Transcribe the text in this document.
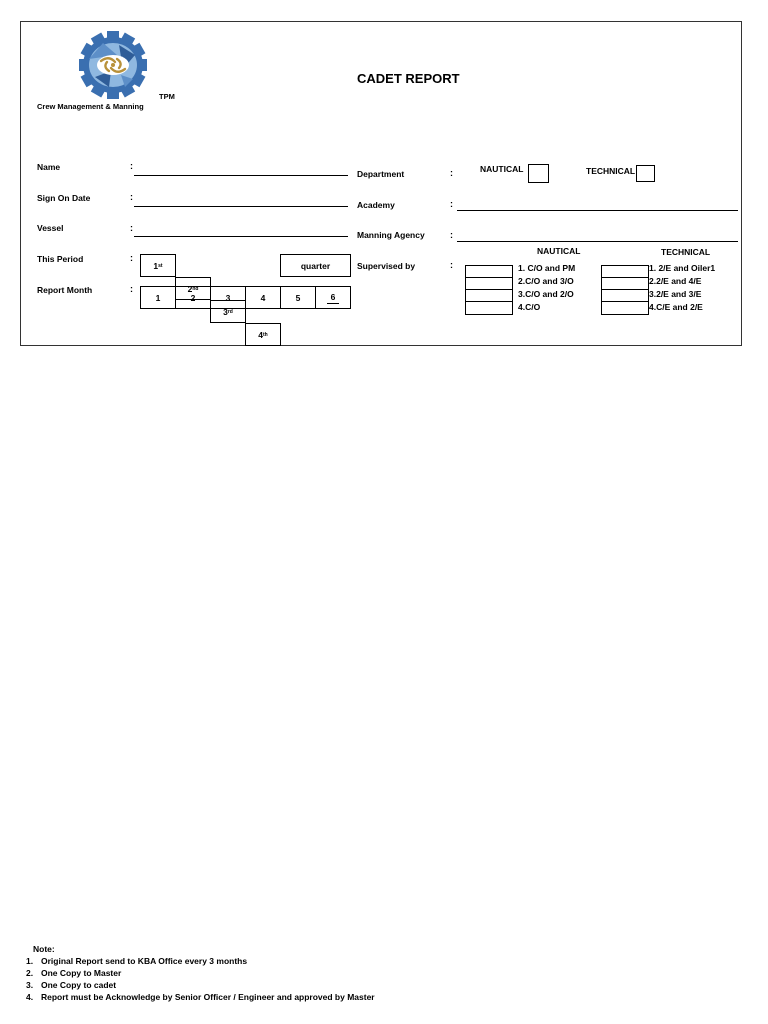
TPM
Crew Management & Manning
CADET REPORT
Name	:
Sign On Date	:
Vessel	:
This Period	:
1 st
2 nd
3 rd
4 th
quarter
Report Month	:
1	2	3	4	5	6
Department	:	NAUTICAL	TECHNICAL
Academy	:
Manning Agency	:
Supervised by	:
NAUTICAL	TECHNICAL
1. C/O and PM
2.C/O and 3/O
3.C/O and 2/O
4.C/O
1. 2/E and Oiler1
2.2/E and 4/E
3.2/E and 3/E
4.C/E and 2/E
Note:
1. Original Report send to KBA Office every 3 months
2. One Copy to Master
3. One Copy to cadet
4. Report must be Acknowledge by Senior Officer / Engineer and approved by Master
